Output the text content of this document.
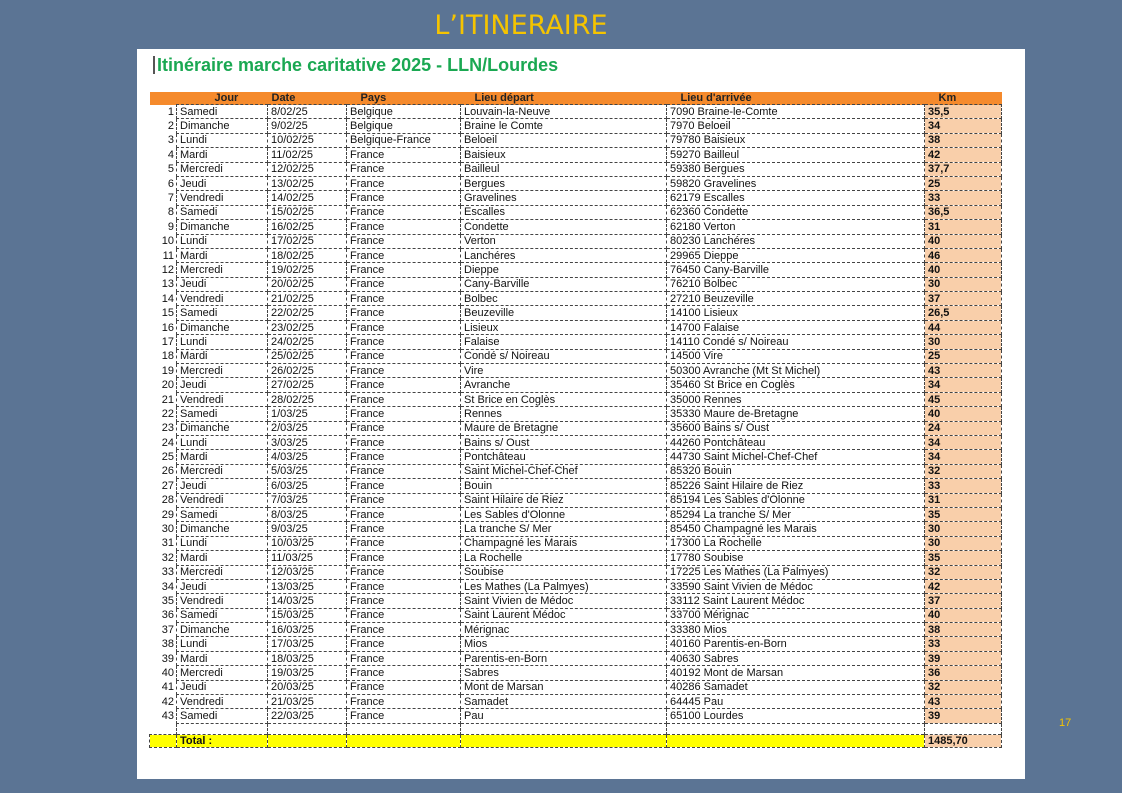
L’ITINERAIRE
Itinéraire marche caritative 2025 - LLN/Lourdes
	Jour	Date	Pays	Lieu départ	Lieu d'arrivée	Km
1	Samedi	8/02/25	Belgique	Louvain-la-Neuve	7090 Braine-le-Comte	35,5
2	Dimanche	9/02/25	Belgique	Braine le Comte	7970 Beloeil	34
3	Lundi	10/02/25	Belgique-France	Beloeil	79780 Baisieux	38
4	Mardi	11/02/25	France	Baisieux	59270 Bailleul	42
5	Mercredi	12/02/25	France	Bailleul	59380 Bergues	37,7
6	Jeudi	13/02/25	France	Bergues	59820 Gravelines	25
7	Vendredi	14/02/25	France	Gravelines	62179 Escalles	33
8	Samedi	15/02/25	France	Escalles	62360 Condette	36,5
9	Dimanche	16/02/25	France	Condette	62180 Verton	31
10	Lundi	17/02/25	France	Verton	80230 Lanchéres	40
11	Mardi	18/02/25	France	Lanchéres	29965 Dieppe	46
12	Mercredi	19/02/25	France	Dieppe	76450 Cany-Barville	40
13	Jeudi	20/02/25	France	Cany-Barville	76210 Bolbec	30
14	Vendredi	21/02/25	France	Bolbec	27210 Beuzeville	37
15	Samedi	22/02/25	France	Beuzeville	14100 Lisieux	26,5
16	Dimanche	23/02/25	France	Lisieux	14700 Falaise	44
17	Lundi	24/02/25	France	Falaise	14110 Condé s/ Noireau	30
18	Mardi	25/02/25	France	Condé s/ Noireau	14500 Vire	25
19	Mercredi	26/02/25	France	Vire	50300 Avranche (Mt St Michel)	43
20	Jeudi	27/02/25	France	Avranche	35460 St Brice en Coglès	34
21	Vendredi	28/02/25	France	St Brice en Coglès	35000 Rennes	45
22	Samedi	1/03/25	France	Rennes	35330 Maure de-Bretagne	40
23	Dimanche	2/03/25	France	Maure de Bretagne	35600 Bains s/ Oust	24
24	Lundi	3/03/25	France	Bains s/ Oust	44260 Pontchâteau	34
25	Mardi	4/03/25	France	Pontchâteau	44730 Saint Michel-Chef-Chef	34
26	Mercredi	5/03/25	France	Saint Michel-Chef-Chef	85320 Bouin	32
27	Jeudi	6/03/25	France	Bouin	85226 Saint Hilaire de Riez	33
28	Vendredi	7/03/25	France	Saint Hilaire de Riez	85194 Les Sables d'Olonne	31
29	Samedi	8/03/25	France	Les Sables d'Olonne	85294 La tranche S/ Mer	35
30	Dimanche	9/03/25	France	La tranche S/ Mer	85450 Champagné les Marais	30
31	Lundi	10/03/25	France	Champagné les Marais	17300 La Rochelle	30
32	Mardi	11/03/25	France	La Rochelle	17780 Soubise	35
33	Mercredi	12/03/25	France	Soubise	17225 Les Mathes (La Palmyes)	32
34	Jeudi	13/03/25	France	Les Mathes (La Palmyes)	33590 Saint Vivien de Médoc	42
35	Vendredi	14/03/25	France	Saint Vivien de Médoc	33112 Saint Laurent Médoc	37
36	Samedi	15/03/25	France	Saint Laurent Médoc	33700 Mérignac	40
37	Dimanche	16/03/25	France	Mérignac	33380 Mios	38
38	Lundi	17/03/25	France	Mios	40160 Parentis-en-Born	33
39	Mardi	18/03/25	France	Parentis-en-Born	40630 Sabres	39
40	Mercredi	19/03/25	France	Sabres	40192 Mont de Marsan	36
41	Jeudi	20/03/25	France	Mont de Marsan	40286 Samadet	32
42	Vendredi	21/03/25	France	Samadet	64445 Pau	43
43	Samedi	22/03/25	France	Pau	65100 Lourdes	39

	Total :					1485,70
17
